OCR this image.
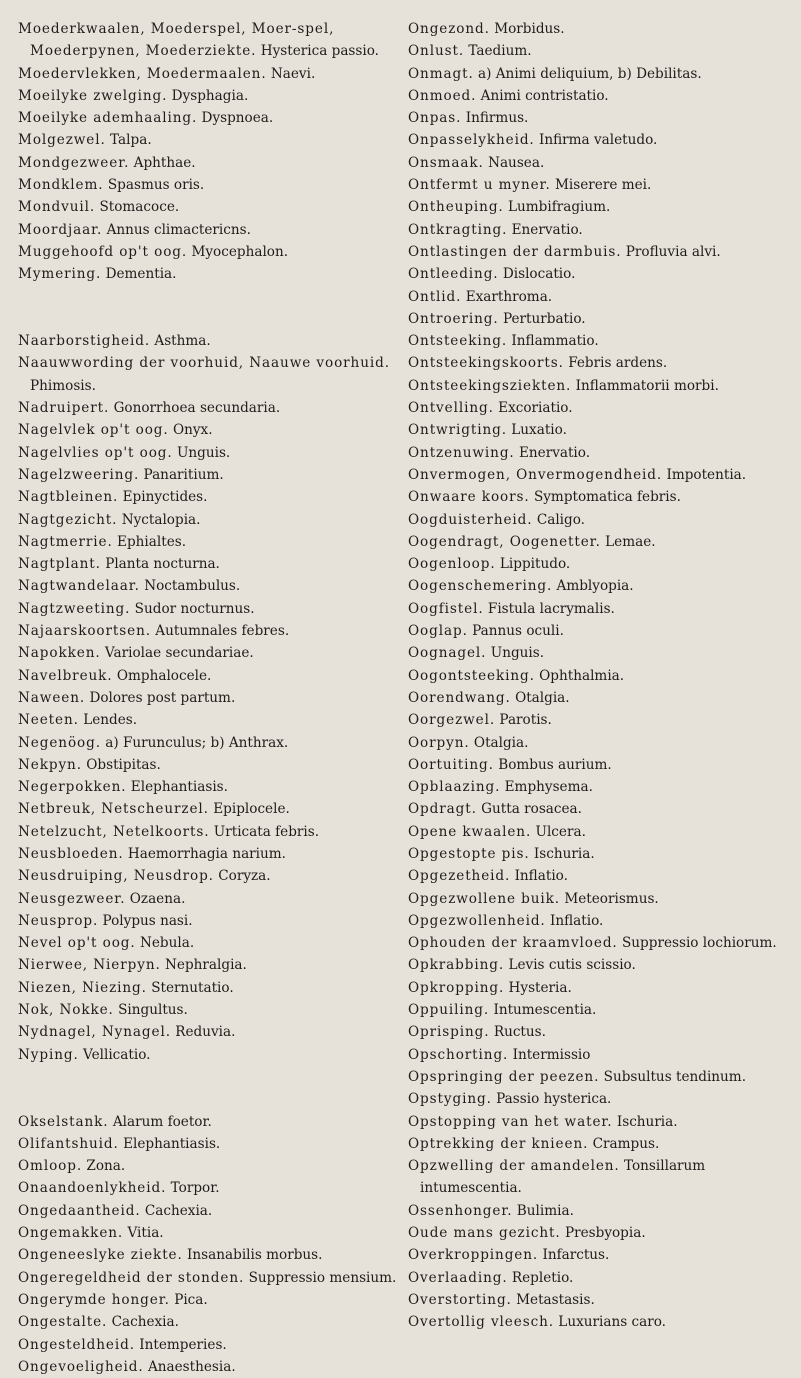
Moederkwaalen, Moederspel, Moer-spel, Moederpynen, Moederziekte. Hysterica passio.

Moedervlekken, Moedermaalen. Naevi.

Moeilyke zwelging. Dysphagia.

Moeilyke ademhaaling. Dyspnoea.

Molgezwel. Talpa.

Mondgezweer. Aphthae.

Mondklem. Spasmus oris.

Mondvuil. Stomacoce.

Moordjaar. Annus climactericns.

Muggehoofd op't oog. Myocephalon.

Mymering. Dementia.

Naarborstigheid. Asthma.

Naauwwording der voorhuid, Naauwe voorhuid. Phimosis.

Nadruipert. Gonorrhoea secundaria.

Nagelvlek op't oog. Onyx.

Nagelvlies op't oog. Unguis.

Nagelzweering. Panaritium.

Nagtbleinen. Epinyctides.

Nagtgezicht. Nyctalopia.

Nagtmerrie. Ephialtes.

Nagtplant. Planta nocturna.

Nagtwandelaar. Noctambulus.

Nagtzweeting. Sudor nocturnus.

Najaarskoortsen. Autumnales febres.

Napokken. Variolae secundariae.

Navelbreuk. Omphalocele.

Naween. Dolores post partum.

Neeten. Lendes.

Negenöog. a) Furunculus; b) Anthrax.

Nekpyn. Obstipitas.

Negerpokken. Elephantiasis.

Netbreuk, Netscheurzel. Epiplocele.

Netelzucht, Netelkoorts. Urticata febris.

Neusbloeden. Haemorrhagia narium.

Neusdruiping, Neusdrop. Coryza.

Neusgezweer. Ozaena.

Neusprop. Polypus nasi.

Nevel op't oog. Nebula.

Nierwee, Nierpyn. Nephralgia.

Niezen, Niezing. Sternutatio.

Nok, Nokke. Singultus.

Nydnagel, Nynagel. Reduvia.

Nyping. Vellicatio.

Okselstank. Alarum foetor.

Olifantshuid. Elephantiasis.

Omloop. Zona.

Onaandoenlykheid. Torpor.

Ongedaantheid. Cachexia.

Ongemakken. Vitia.

Ongeneeslyke ziekte. Insanabilis morbus.

Ongeregeldheid der stonden. Suppressio mensium.

Ongerymde honger. Pica.

Ongestalte. Cachexia.

Ongesteldheid. Intemperies.

Ongevoeligheid. Anaesthesia.

Ongezond. Morbidus.

Onlust. Taedium.

Onmagt. a) Animi deliquium, b) Debilitas.

Onmoed. Animi contristatio.

Onpas. Infirmus.

Onpasselykheid. Infirma valetudo.

Onsmaak. Nausea.

Ontfermt u myner. Miserere mei.

Ontheuping. Lumbifragium.

Ontkragting. Enervatio.

Ontlastingen der darmbuis. Profluvia alvi.

Ontleeding. Dislocatio.

Ontlid. Exarthroma.

Ontroering. Perturbatio.

Ontsteeking. Inflammatio.

Ontsteekingskoorts. Febris ardens.

Ontsteekingsziekten. Inflammatorii morbi.

Ontvelling. Excoriatio.

Ontwrigting. Luxatio.

Ontzenuwing. Enervatio.

Onvermogen, Onvermogendheid. Impotentia.

Onwaare koors. Symptomatica febris.

Oogduisterheid. Caligo.

Oogendragt, Oogenetter. Lemae.

Oogenloop. Lippitudo.

Oogenschemering. Amblyopia.

Oogfistel. Fistula lacrymalis.

Ooglap. Pannus oculi.

Oognagel. Unguis.

Oogontsteeking. Ophthalmia.

Oorendwang. Otalgia.

Oorgezwel. Parotis.

Oorpyn. Otalgia.

Oortuiting. Bombus aurium.

Opblaazing. Emphysema.

Opdragt. Gutta rosacea.

Opene kwaalen. Ulcera.

Opgestopte pis. Ischuria.

Opgezetheid. Inflatio.

Opgezwollene buik. Meteorismus.

Opgezwollenheid. Inflatio.

Ophouden der kraamvloed. Suppressio lochiorum.

Opkrabbing. Levis cutis scissio.

Opkropping. Hysteria.

Oppuiling. Intumescentia.

Oprisping. Ructus.

Opschorting. Intermissio

Opspringing der peezen. Subsultus tendinum.

Opstyging. Passio hysterica.

Opstopping van het water. Ischuria.

Optrekking der knieen. Crampus.

Opzwelling der amandelen. Tonsillarum intumescentia.

Ossenhonger. Bulimia.

Oude mans gezicht. Presbyopia.

Overkroppingen. Infarctus.

Overlaading. Repletio.

Overstorting. Metastasis.

Overtollig vleesch. Luxurians caro.
